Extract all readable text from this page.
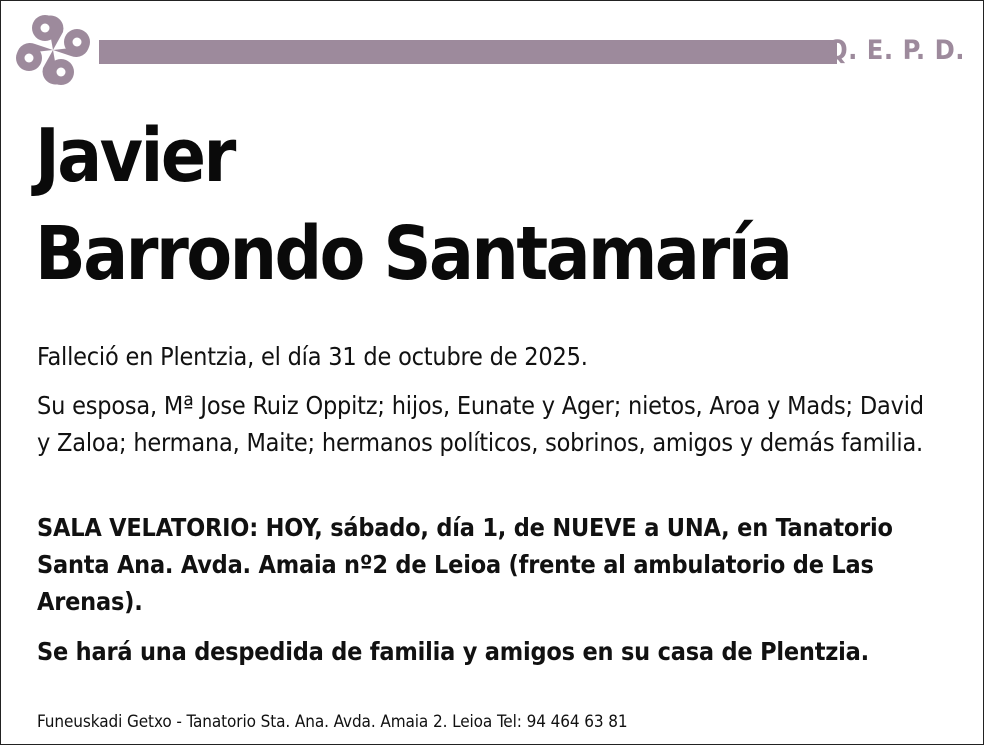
Q. E. P. D.
Javier
Barrondo Santamaría
Falleció en Plentzia, el día 31 de octubre de 2025.
Su esposa, Mª Jose Ruiz Oppitz; hijos, Eunate y Ager; nietos, Aroa y Mads; David y Zaloa; hermana, Maite; hermanos políticos, sobrinos, amigos y demás familia.
SALA VELATORIO: HOY, sábado, día 1, de NUEVE a UNA, en Tanatorio Santa Ana. Avda. Amaia nº2 de Leioa (frente al ambulatorio de Las Arenas).
Se hará una despedida de familia y amigos en su casa de Plentzia.
Funeuskadi Getxo - Tanatorio Sta. Ana. Avda. Amaia 2. Leioa Tel: 94 464 63 81
